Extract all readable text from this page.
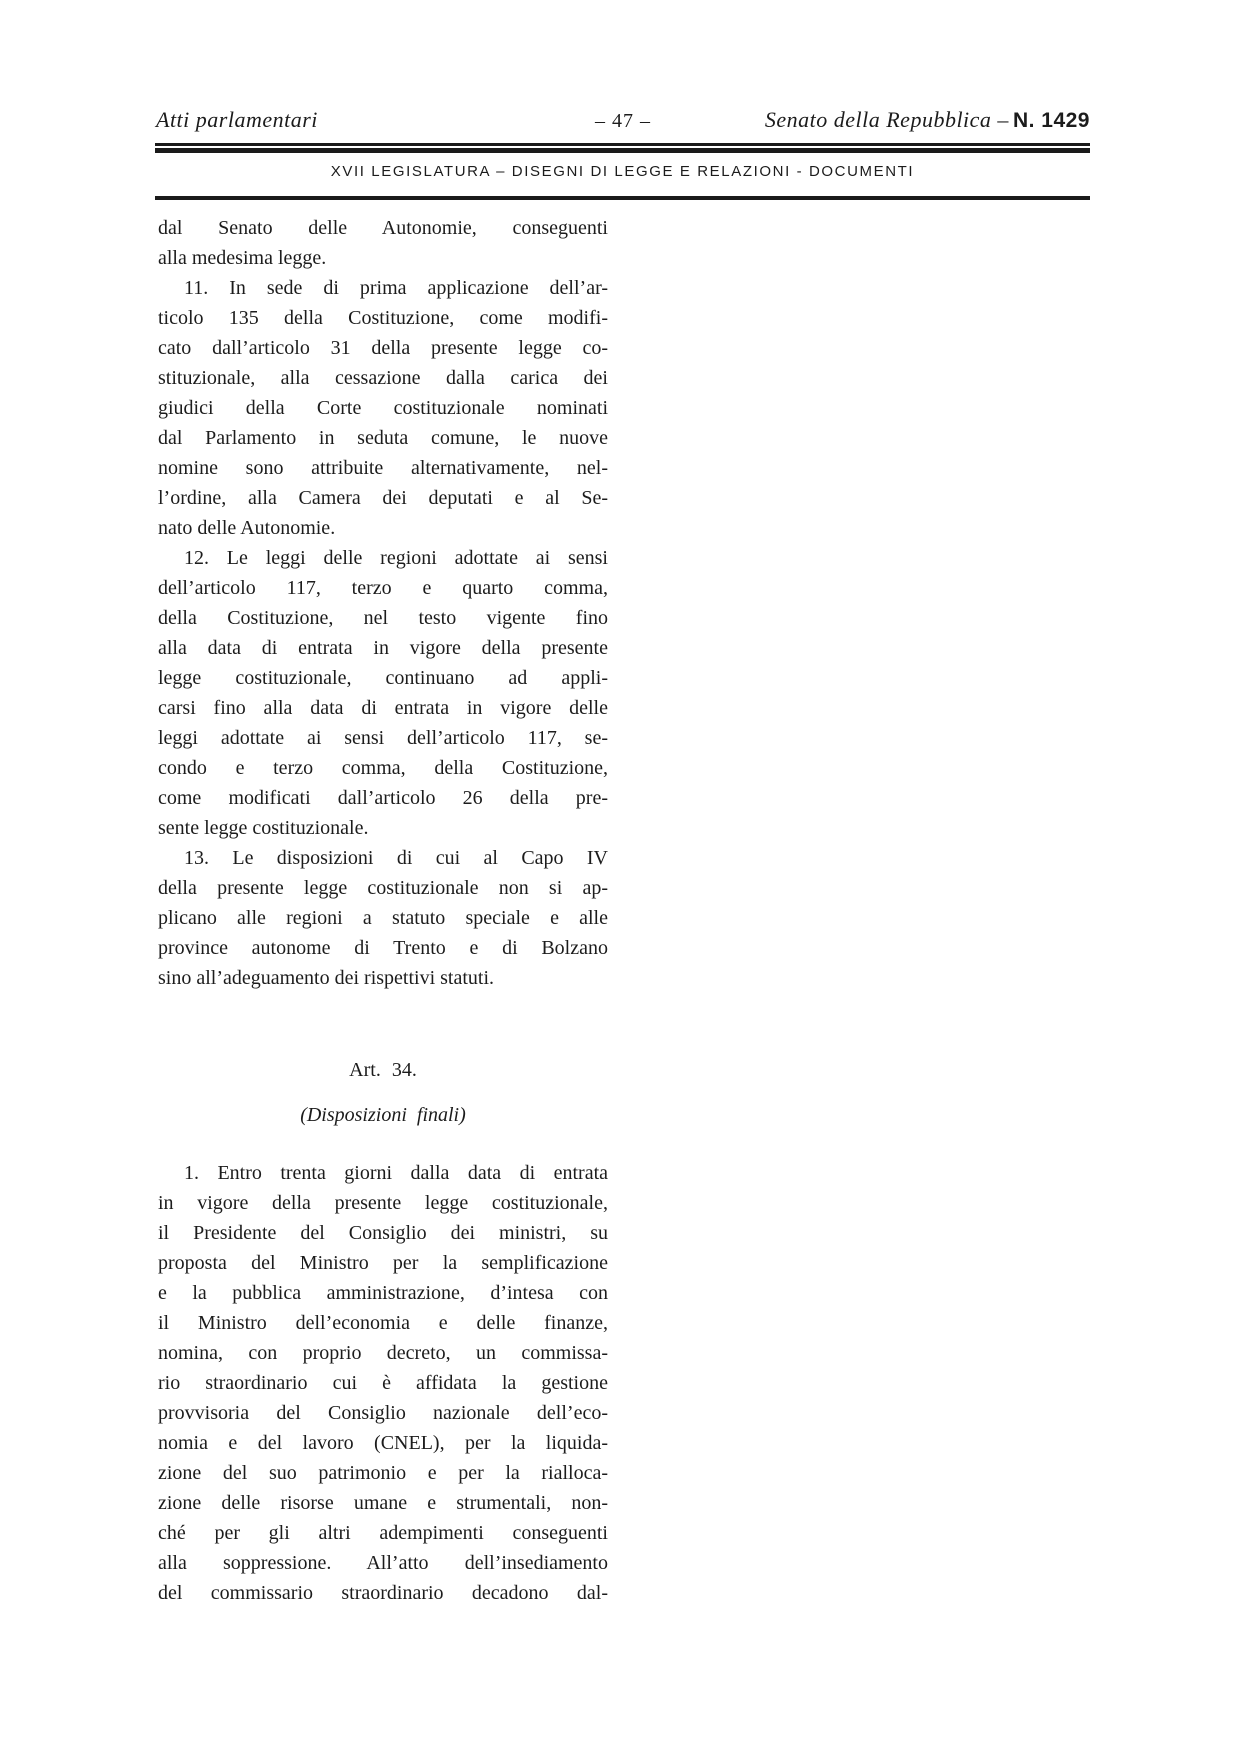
Atti parlamentari	– 47 –	Senato della Repubblica – N. 1429
XVII LEGISLATURA – DISEGNI DI LEGGE E RELAZIONI - DOCUMENTI
dal Senato delle Autonomie, conseguenti
alla medesima legge.
11. In sede di prima applicazione dell’ar-
ticolo 135 della Costituzione, come modifi-
cato dall’articolo 31 della presente legge co-
stituzionale, alla cessazione dalla carica dei
giudici della Corte costituzionale nominati
dal Parlamento in seduta comune, le nuove
nomine sono attribuite alternativamente, nel-
l’ordine, alla Camera dei deputati e al Se-
nato delle Autonomie.
12. Le leggi delle regioni adottate ai sensi
dell’articolo 117, terzo e quarto comma,
della Costituzione, nel testo vigente fino
alla data di entrata in vigore della presente
legge costituzionale, continuano ad appli-
carsi fino alla data di entrata in vigore delle
leggi adottate ai sensi dell’articolo 117, se-
condo e terzo comma, della Costituzione,
come modificati dall’articolo 26 della pre-
sente legge costituzionale.
13. Le disposizioni di cui al Capo IV
della presente legge costituzionale non si ap-
plicano alle regioni a statuto speciale e alle
province autonome di Trento e di Bolzano
sino all’adeguamento dei rispettivi statuti.
Art. 34.
(Disposizioni finali)
1. Entro trenta giorni dalla data di entrata
in vigore della presente legge costituzionale,
il Presidente del Consiglio dei ministri, su
proposta del Ministro per la semplificazione
e la pubblica amministrazione, d’intesa con
il Ministro dell’economia e delle finanze,
nomina, con proprio decreto, un commissa-
rio straordinario cui è affidata la gestione
provvisoria del Consiglio nazionale dell’eco-
nomia e del lavoro (CNEL), per la liquida-
zione del suo patrimonio e per la rialloca-
zione delle risorse umane e strumentali, non-
ché per gli altri adempimenti conseguenti
alla soppressione. All’atto dell’insediamento
del commissario straordinario decadono dal-
